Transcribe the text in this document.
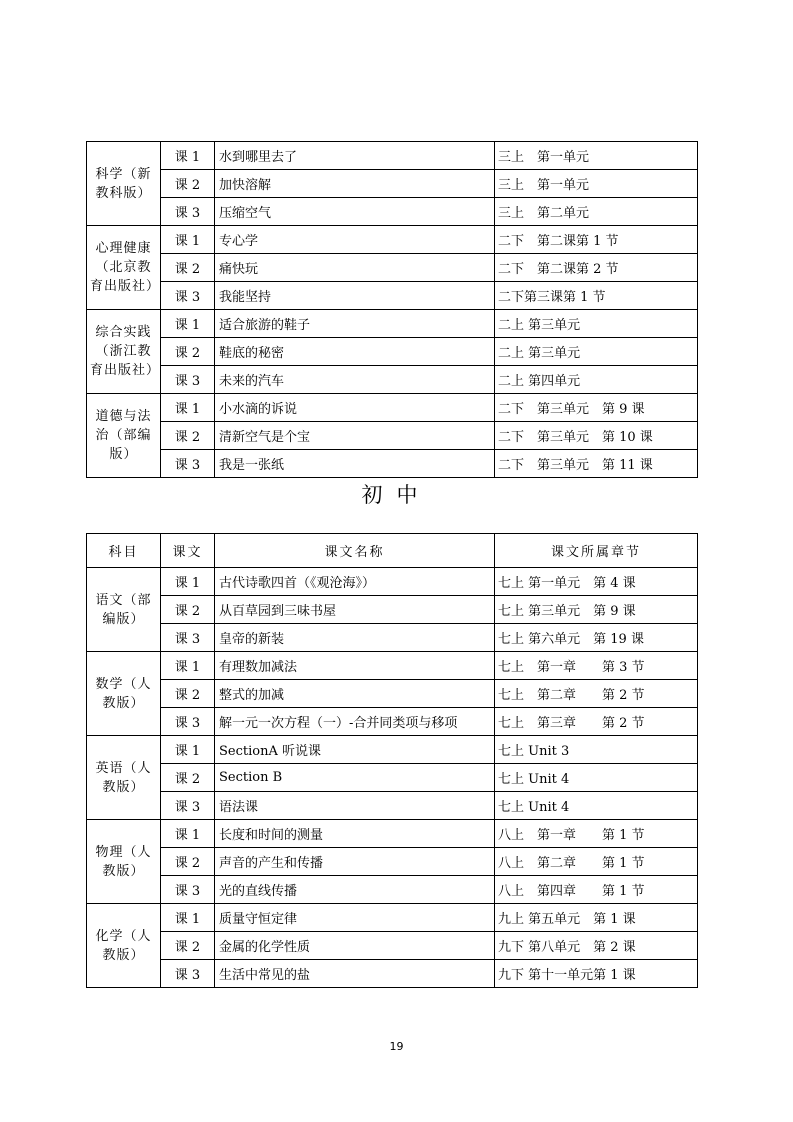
科学（新教科版）	课 1	水到哪里去了	三上　第一单元
	课 2	加快溶解	三上　第一单元
	课 3	压缩空气	三上　第二单元
心理健康（北京教育出版社）	课 1	专心学	二下　第二课第 1 节
	课 2	痛快玩	二下　第二课第 2 节
	课 3	我能坚持	二下第三课第 1 节
综合实践（浙江教育出版社）	课 1	适合旅游的鞋子	二上 第三单元
	课 2	鞋底的秘密	二上 第三单元
	课 3	未来的汽车	二上 第四单元
道德与法治（部编版）	课 1	小水滴的诉说	二下　第三单元　第 9 课
	课 2	清新空气是个宝	二下　第三单元　第 10 课
	课 3	我是一张纸	二下　第三单元　第 11 课
初中
科目	课文	课文名称	课文所属章节
语文（部编版）	课 1	古代诗歌四首（《观沧海》）	七上 第一单元　第 4 课
	课 2	从百草园到三味书屋	七上 第三单元　第 9 课
	课 3	皇帝的新装	七上 第六单元　第 19 课
数学（人教版）	课 1	有理数加减法	七上　第一章　　第 3 节
	课 2	整式的加减	七上　第二章　　第 2 节
	课 3	解一元一次方程（一）-合并同类项与移项	七上　第三章　　第 2 节
英语（人教版）	课 1	SectionA 听说课	七上 Unit 3
	课 2	Section B	七上 Unit 4
	课 3	语法课	七上 Unit 4
物理（人教版）	课 1	长度和时间的测量	八上　第一章　　第 1 节
	课 2	声音的产生和传播	八上　第二章　　第 1 节
	课 3	光的直线传播	八上　第四章　　第 1 节
化学（人教版）	课 1	质量守恒定律	九上 第五单元　第 1 课
	课 2	金属的化学性质	九下 第八单元　第 2 课
	课 3	生活中常见的盐	九下 第十一单元第 1 课
19
